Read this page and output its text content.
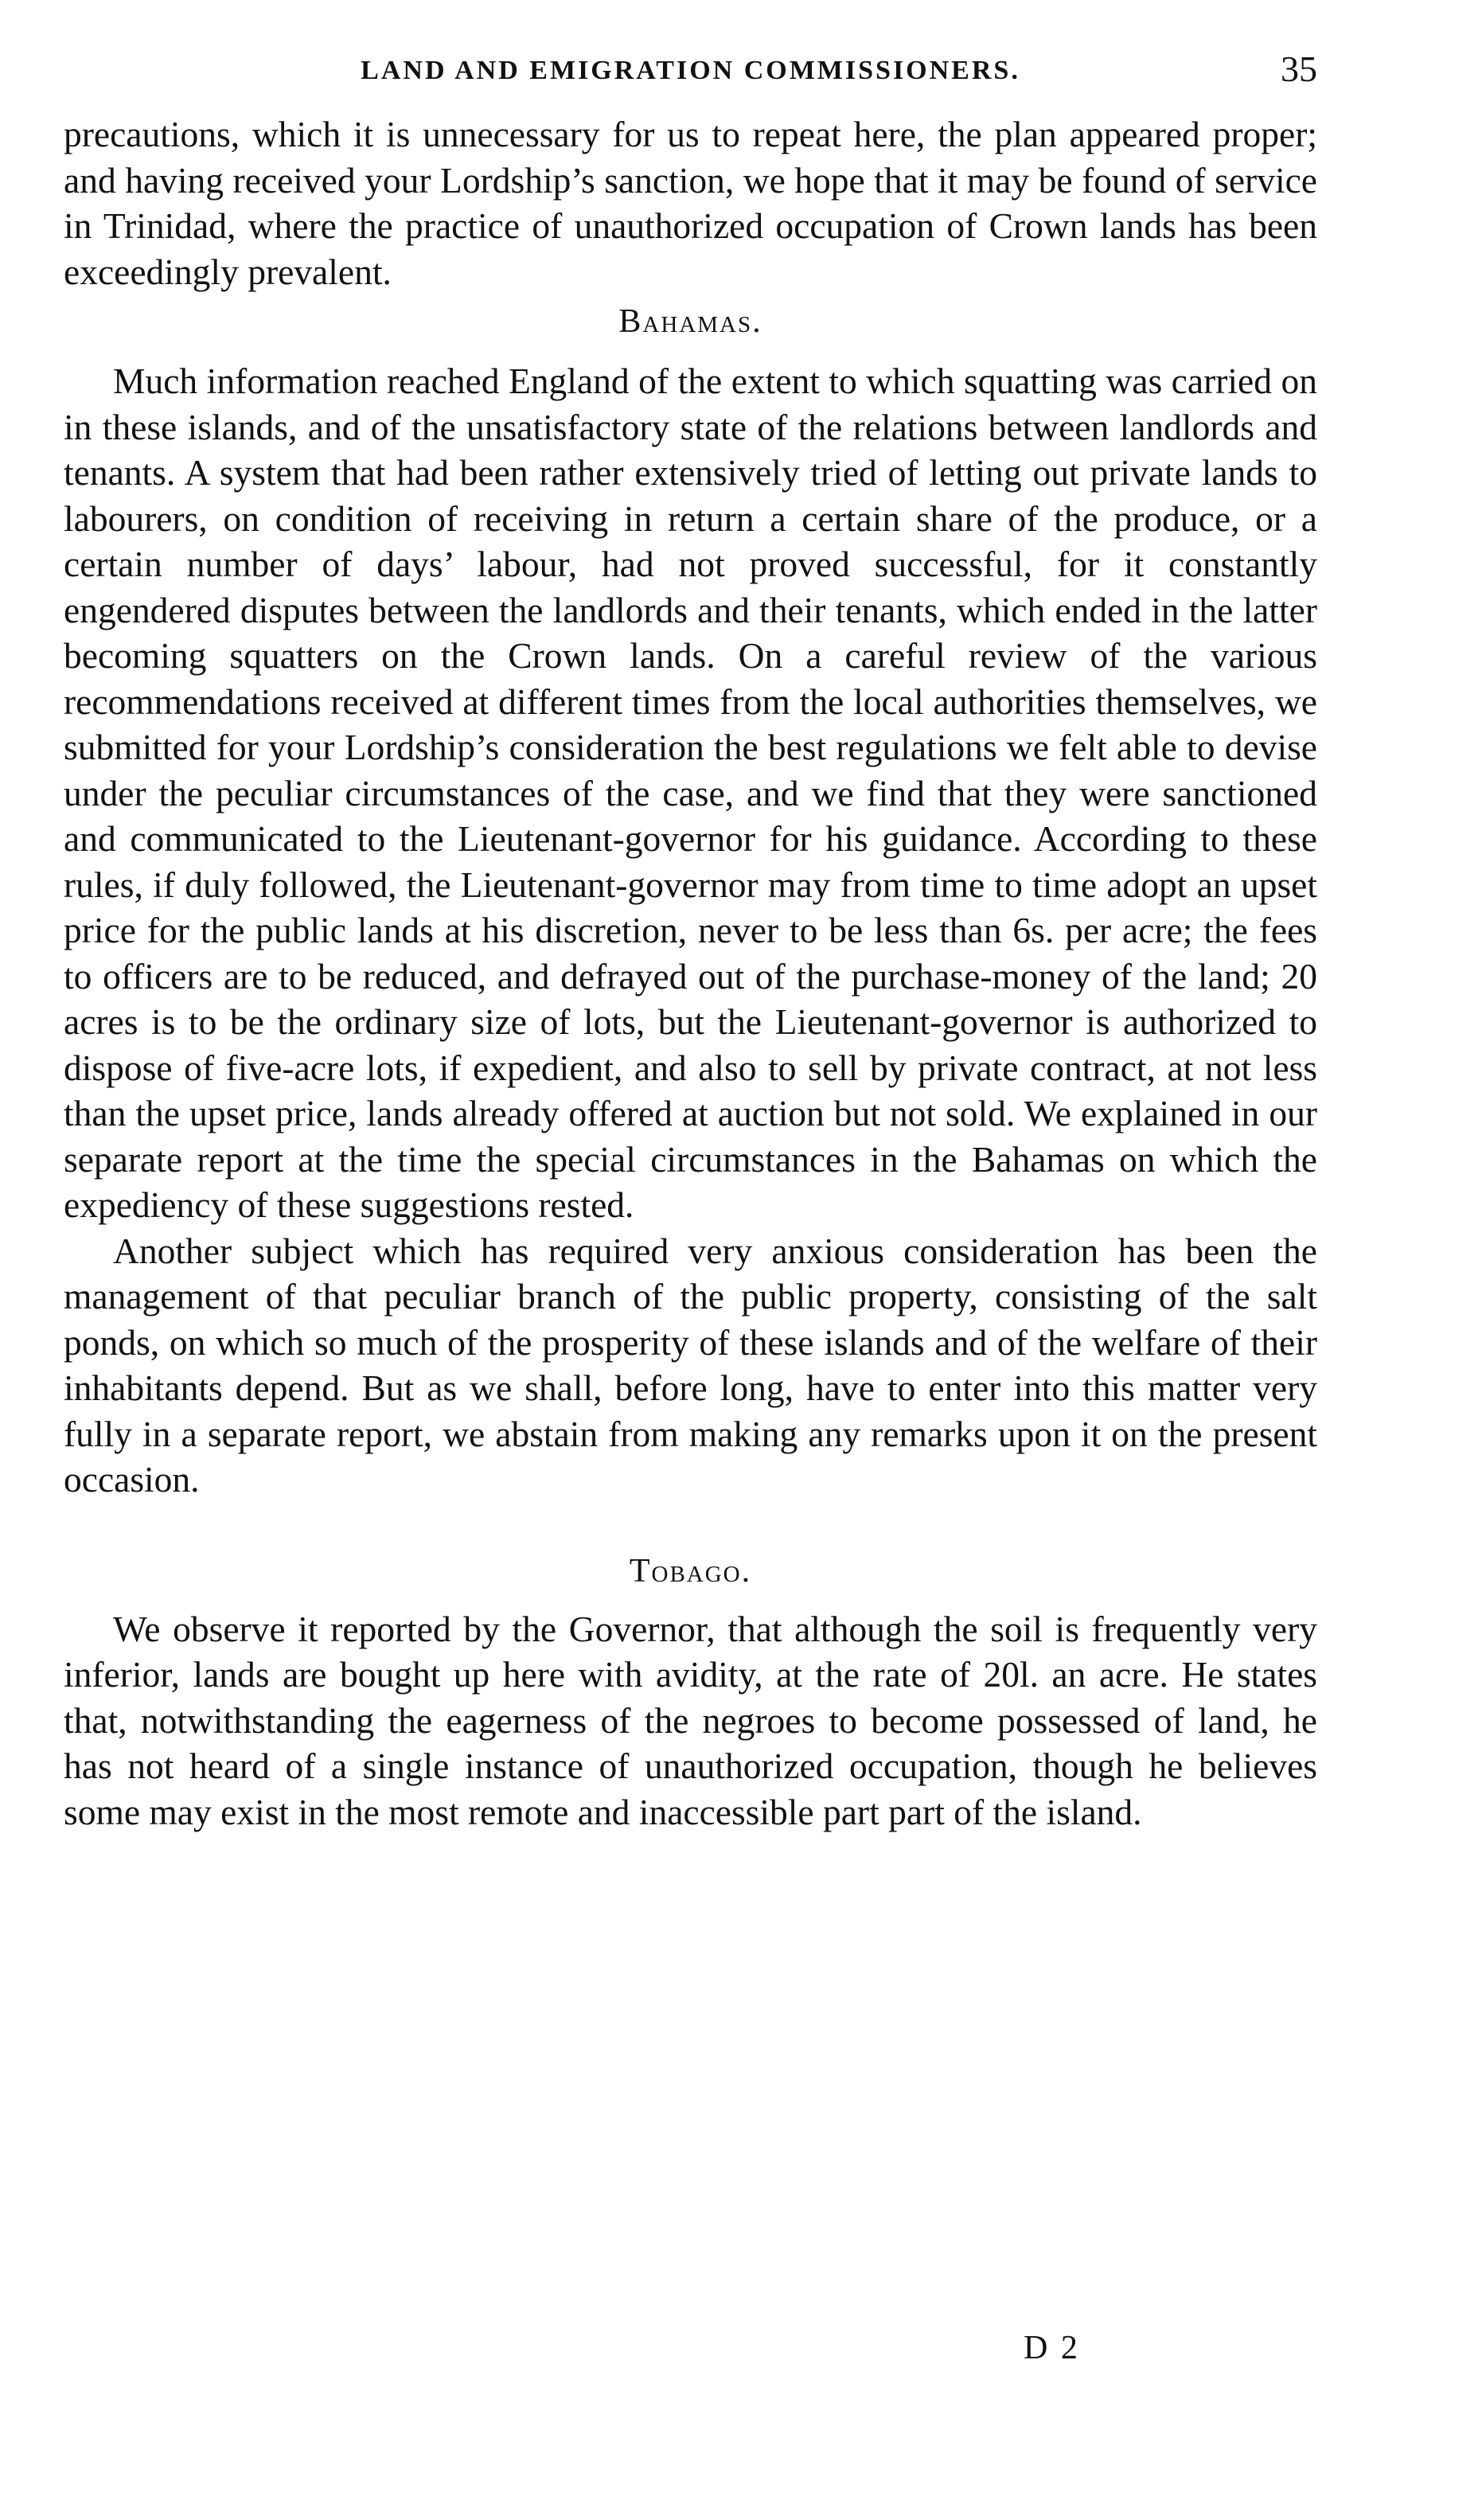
LAND AND EMIGRATION COMMISSIONERS.	35

precautions, which it is unnecessary for us to repeat here, the plan appeared proper; and having received your Lordship’s sanction, we hope that it may be found of service in Trinidad, where the practice of unauthorized occupation of Crown lands has been exceedingly prevalent.

Bahamas.

Much information reached England of the extent to which squatting was carried on in these islands, and of the unsatisfactory state of the relations between landlords and tenants. A system that had been rather extensively tried of letting out private lands to labourers, on condition of receiving in return a certain share of the produce, or a certain number of days’ labour, had not proved successful, for it constantly engendered disputes between the landlords and their tenants, which ended in the latter becoming squatters on the Crown lands. On a careful review of the various recommendations received at different times from the local authorities themselves, we submitted for your Lordship’s consideration the best regulations we felt able to devise under the peculiar circumstances of the case, and we find that they were sanctioned and communicated to the Lieutenant-governor for his guidance. According to these rules, if duly followed, the Lieutenant-governor may from time to time adopt an upset price for the public lands at his discretion, never to be less than 6s. per acre; the fees to officers are to be reduced, and defrayed out of the purchase-money of the land; 20 acres is to be the ordinary size of lots, but the Lieutenant-governor is authorized to dispose of five-acre lots, if expedient, and also to sell by private contract, at not less than the upset price, lands already offered at auction but not sold. We explained in our separate report at the time the special circumstances in the Bahamas on which the expediency of these suggestions rested.

Another subject which has required very anxious consideration has been the management of that peculiar branch of the public property, consisting of the salt ponds, on which so much of the prosperity of these islands and of the welfare of their inhabitants depend. But as we shall, before long, have to enter into this matter very fully in a separate report, we abstain from making any remarks upon it on the present occasion.

Tobago.

We observe it reported by the Governor, that although the soil is frequently very inferior, lands are bought up here with avidity, at the rate of 20l. an acre. He states that, notwithstanding the eagerness of the negroes to become possessed of land, he has not heard of a single instance of unauthorized occupation, though he believes some may exist in the most remote and inaccessible part part of the island.

D 2
